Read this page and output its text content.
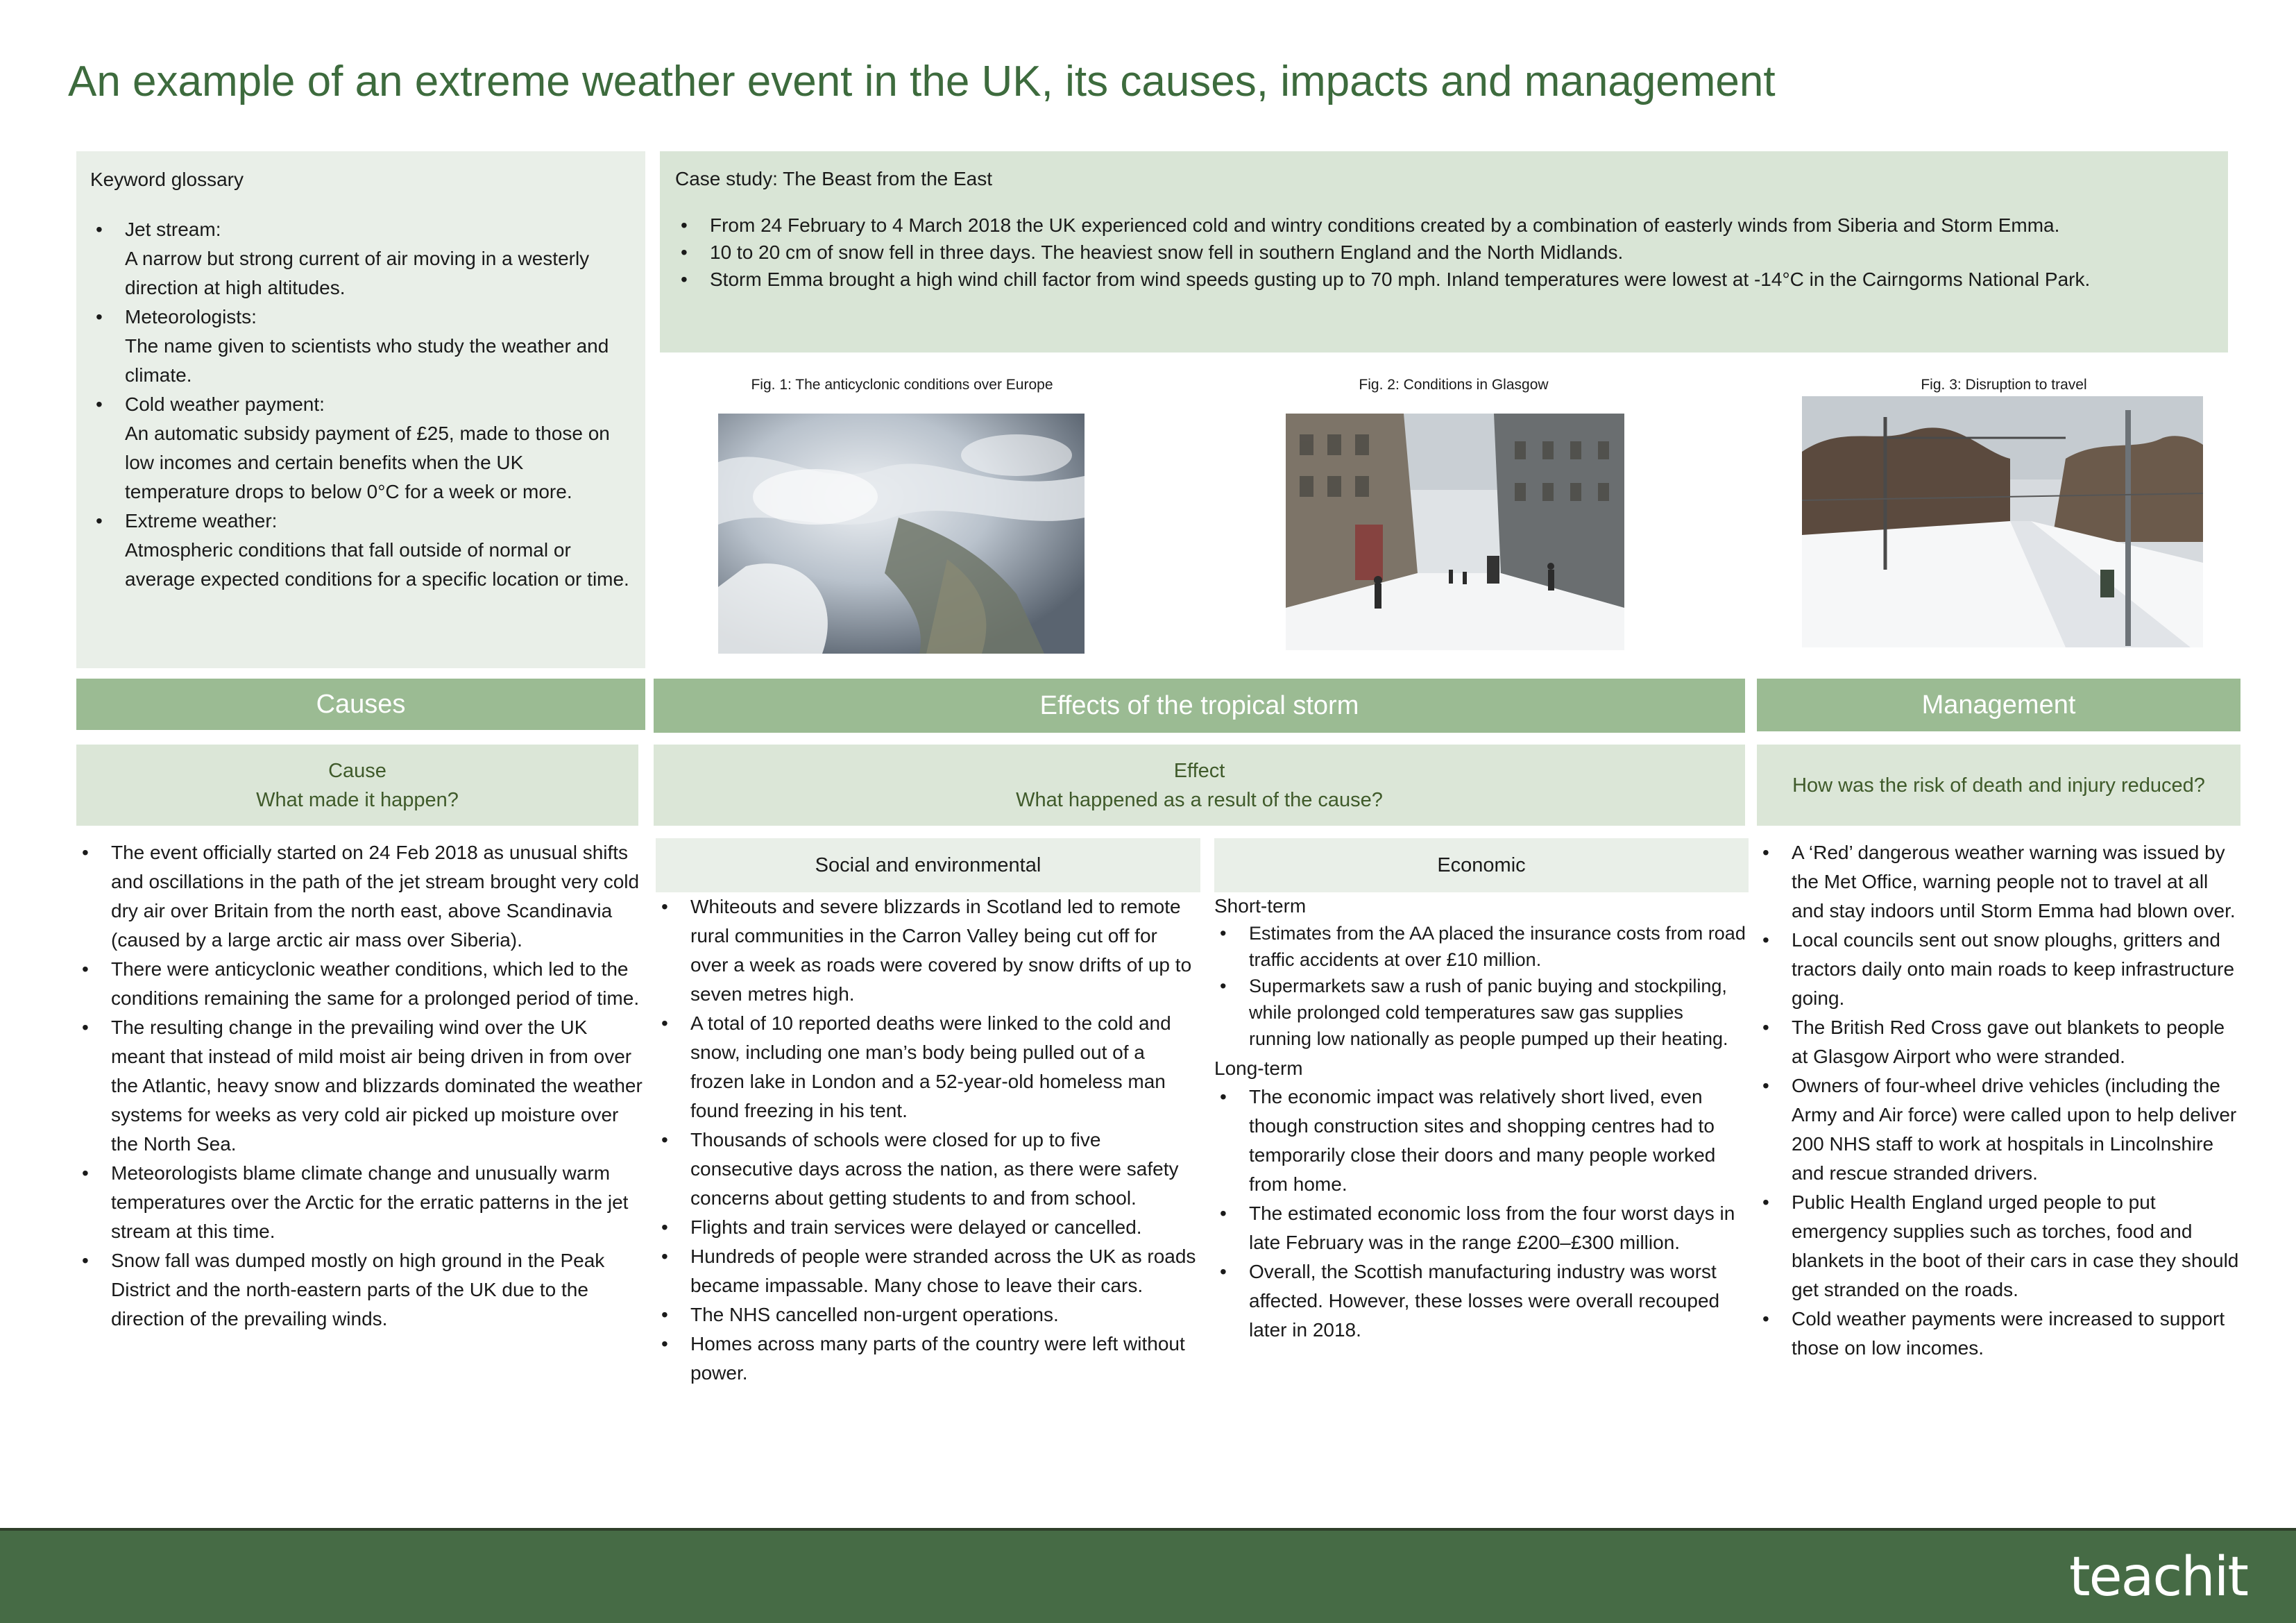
An example of an extreme weather event in the UK, its causes, impacts and management
Keyword glossary
• Jet stream:
A narrow but strong current of air moving in a westerly direction at high altitudes.
• Meteorologists:
The name given to scientists who study the weather and climate.
• Cold weather payment:
An automatic subsidy payment of £25, made to those on low incomes and certain benefits when the UK temperature drops to below 0°C for a week or more.
• Extreme weather:
Atmospheric conditions that fall outside of normal or average expected conditions for a specific location or time.
Case study: The Beast from the East
• From 24 February to 4 March 2018 the UK experienced cold and wintry conditions created by a combination of easterly winds from Siberia and Storm Emma.
• 10 to 20 cm of snow fell in three days. The heaviest snow fell in southern England and the North Midlands.
• Storm Emma brought a high wind chill factor from wind speeds gusting up to 70 mph. Inland temperatures were lowest at -14°C in the Cairngorms National Park.
Fig. 1: The anticyclonic conditions over Europe	Fig. 2: Conditions in Glasgow	Fig. 3: Disruption to travel
Causes	Effects of the tropical storm	Management
Cause
What made it happen?
Effect
What happened as a result of the cause?
How was the risk of death and injury reduced?
• The event officially started on 24 Feb 2018 as unusual shifts and oscillations in the path of the jet stream brought very cold dry air over Britain from the north east, above Scandinavia (caused by a large arctic air mass over Siberia).
• There were anticyclonic weather conditions, which led to the conditions remaining the same for a prolonged period of time.
• The resulting change in the prevailing wind over the UK meant that instead of mild moist air being driven in from over the Atlantic, heavy snow and blizzards dominated the weather systems for weeks as very cold air picked up moisture over the North Sea.
• Meteorologists blame climate change and unusually warm temperatures over the Arctic for the erratic patterns in the jet stream at this time.
• Snow fall was dumped mostly on high ground in the Peak District and the north-eastern parts of the UK due to the direction of the prevailing winds.
Social and environmental	Economic
• Whiteouts and severe blizzards in Scotland led to remote rural communities in the Carron Valley being cut off for over a week as roads were covered by snow drifts of up to seven metres high.
• A total of 10 reported deaths were linked to the cold and snow, including one man’s body being pulled out of a frozen lake in London and a 52-year-old homeless man found freezing in his tent.
• Thousands of schools were closed for up to five consecutive days across the nation, as there were safety concerns about getting students to and from school.
• Flights and train services were delayed or cancelled.
• Hundreds of people were stranded across the UK as roads became impassable. Many chose to leave their cars.
• The NHS cancelled non-urgent operations.
• Homes across many parts of the country were left without power.
Short-term
• Estimates from the AA placed the insurance costs from road traffic accidents at over £10 million.
• Supermarkets saw a rush of panic buying and stockpiling, while prolonged cold temperatures saw gas supplies running low nationally as people pumped up their heating.
Long-term
• The economic impact was relatively short lived, even though construction sites and shopping centres had to temporarily close their doors and many people worked from home.
• The estimated economic loss from the four worst days in late February was in the range £200–£300 million.
• Overall, the Scottish manufacturing industry was worst affected. However, these losses were overall recouped later in 2018.
• A ‘Red’ dangerous weather warning was issued by the Met Office, warning people not to travel at all and stay indoors until Storm Emma had blown over.
• Local councils sent out snow ploughs, gritters and tractors daily onto main roads to keep infrastructure going.
• The British Red Cross gave out blankets to people at Glasgow Airport who were stranded.
• Owners of four-wheel drive vehicles (including the Army and Air force) were called upon to help deliver 200 NHS staff to work at hospitals in Lincolnshire and rescue stranded drivers.
• Public Health England urged people to put emergency supplies such as torches, food and blankets in the boot of their cars in case they should get stranded on the roads.
• Cold weather payments were increased to support those on low incomes.
teachit
